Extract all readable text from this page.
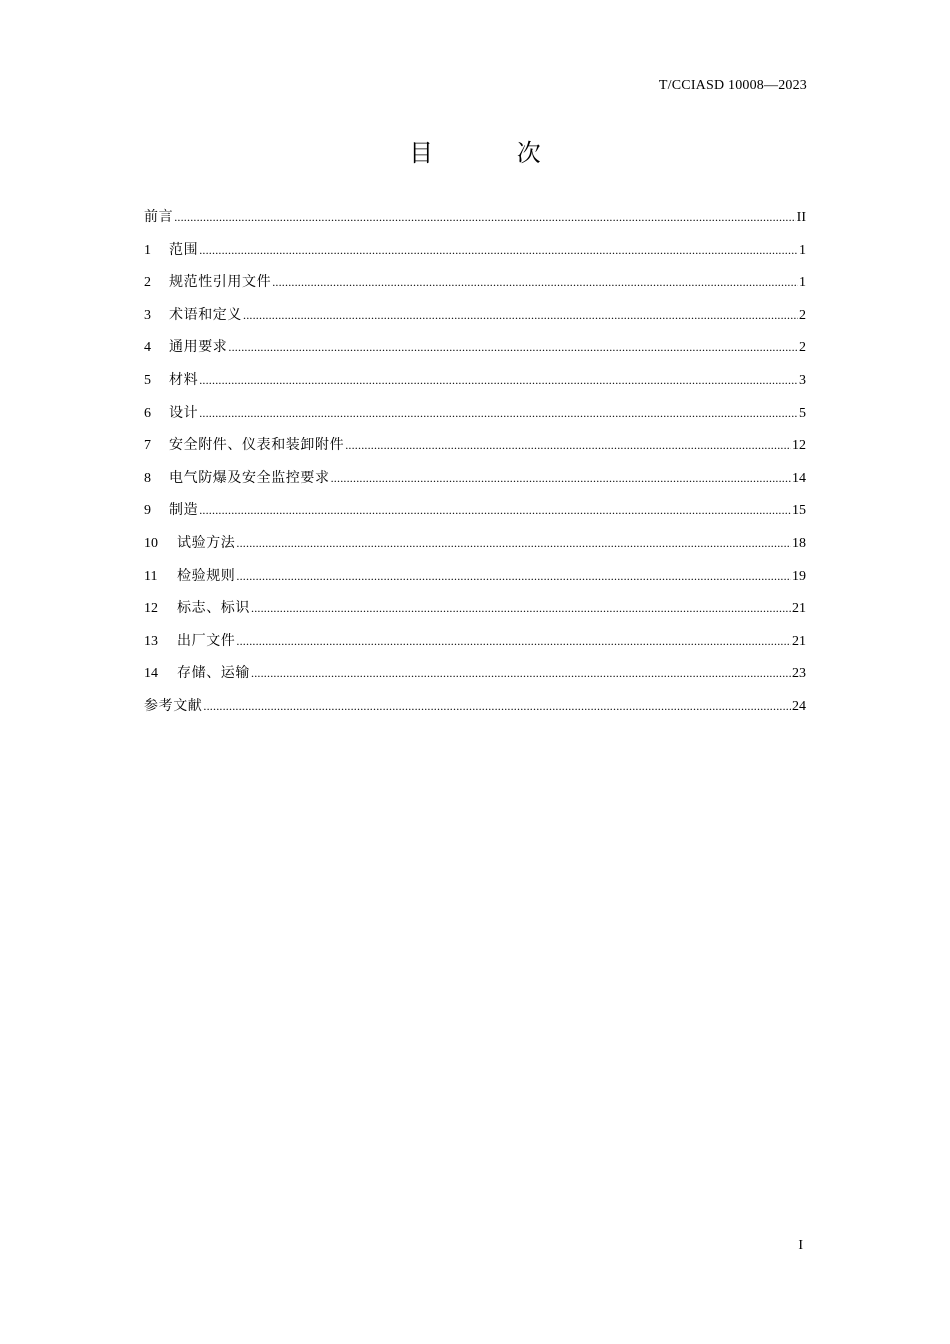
T/CCIASD 10008—2023
目 次
前言 .....	II
1	范围 .....	1
2	规范性引用文件 .....	1
3	术语和定义 .....	2
4	通用要求 .....	2
5	材料 .....	3
6	设计 .....	5
7	安全附件、仪表和装卸附件 .....	12
8	电气防爆及安全监控要求 .....	14
9	制造 .....	15
10	试验方法 .....	18
11	检验规则 .....	19
12	标志、标识 .....	21
13	出厂文件 .....	21
14	存储、运输 .....	23
参考文献 .....	24
I
